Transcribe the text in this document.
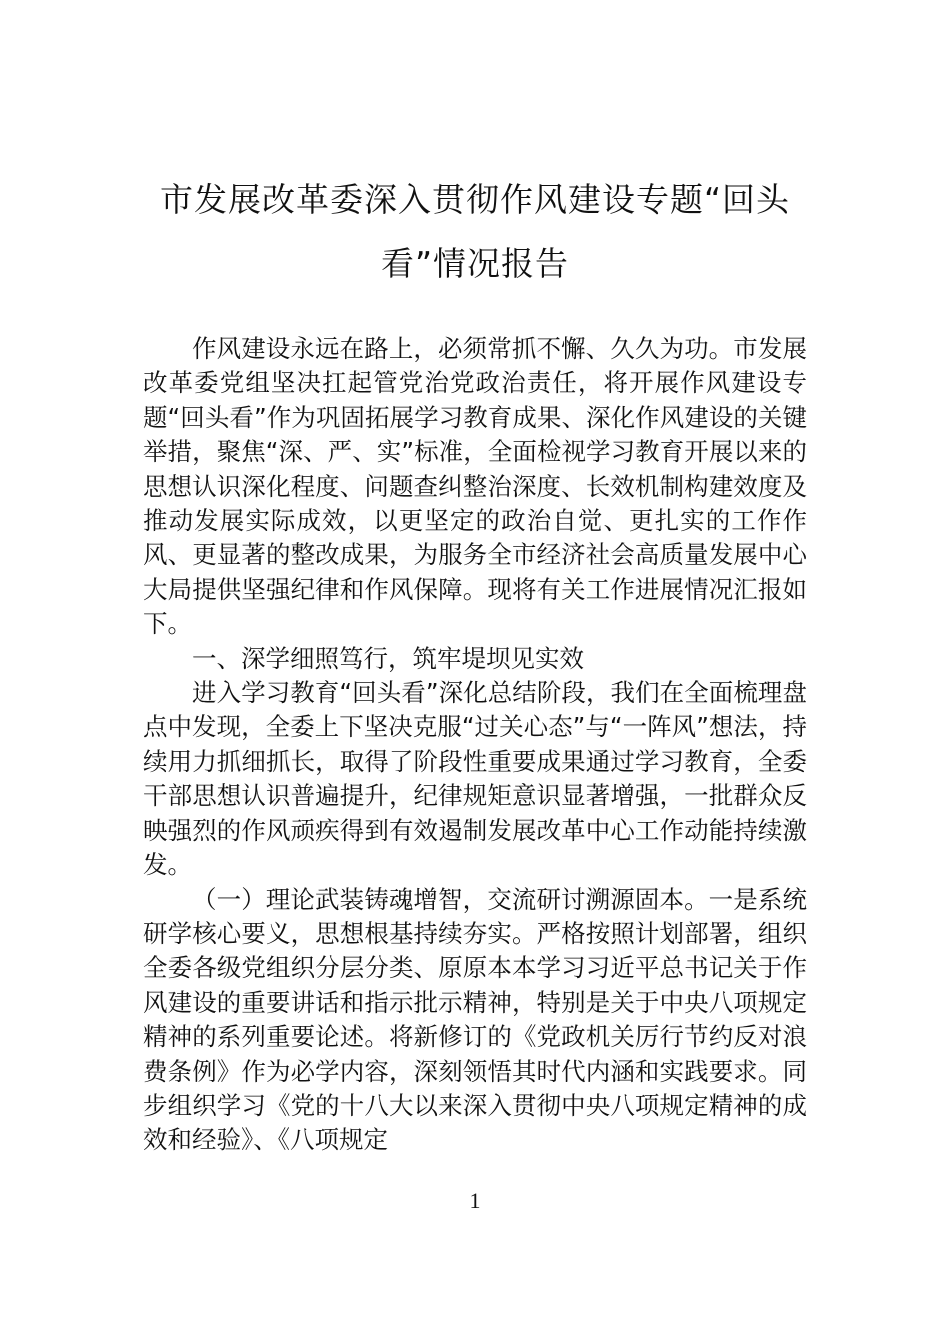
市发展改革委深入贯彻作风建设专题“回头看”情况报告

作风建设永远在路上，必须常抓不懈、久久为功。市发展改革委党组坚决扛起管党治党政治责任，将开展作风建设专题“回头看”作为巩固拓展学习教育成果、深化作风建设的关键举措，聚焦“深、严、实”标准，全面检视学习教育开展以来的思想认识深化程度、问题查纠整治深度、长效机制构建效度及推动发展实际成效，以更坚定的政治自觉、更扎实的工作作风、更显著的整改成果，为服务全市经济社会高质量发展中心大局提供坚强纪律和作风保障。现将有关工作进展情况汇报如下。

一、深学细照笃行，筑牢堤坝见实效

进入学习教育“回头看”深化总结阶段，我们在全面梳理盘点中发现，全委上下坚决克服“过关心态”与“一阵风”想法，持续用力抓细抓长，取得了阶段性重要成果通过学习教育，全委干部思想认识普遍提升，纪律规矩意识显著增强，一批群众反映强烈的作风顽疾得到有效遏制发展改革中心工作动能持续激发。

（一）理论武装铸魂增智，交流研讨溯源固本。一是系统研学核心要义，思想根基持续夯实。严格按照计划部署，组织全委各级党组织分层分类、原原本本学习习近平总书记关于作风建设的重要讲话和指示批示精神，特别是关于中央八项规定精神的系列重要论述。将新修订的《党政机关厉行节约反对浪费条例》作为必学内容，深刻领悟其时代内涵和实践要求。同步组织学习《党的十八大以来深入贯彻中央八项规定精神的成效和经验》、《八项规定

1
